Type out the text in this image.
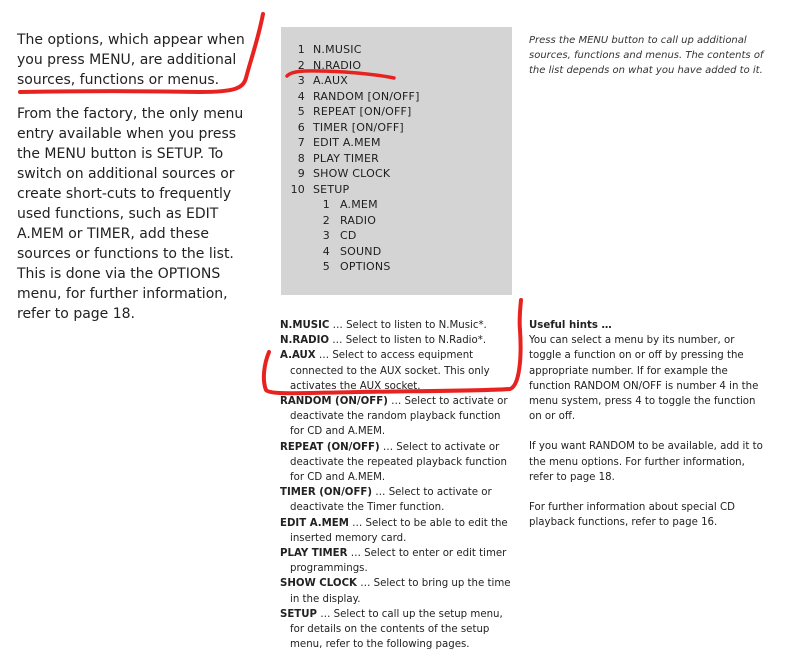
The options, which appear when you press MENU, are additional sources, functions or menus.

From the factory, the only menu entry available when you press the MENU button is SETUP. To switch on additional sources or create short-cuts to frequently used functions, such as EDIT A.MEM or TIMER, add these sources or functions to the list. This is done via the OPTIONS menu, for further information, refer to page 18.

1 N.MUSIC
2 N.RADIO
3 A.AUX
4 RANDOM [ON/OFF]
5 REPEAT [ON/OFF]
6 TIMER [ON/OFF]
7 EDIT A.MEM
8 PLAY TIMER
9 SHOW CLOCK
10 SETUP
1 A.MEM
2 RADIO
3 CD
4 SOUND
5 OPTIONS
Press the MENU button to call up additional sources, functions and menus. The contents of the list depends on what you have added to it.

N.MUSIC … Select to listen to N.Music*.

N.RADIO … Select to listen to N.Radio*.

A.AUX … Select to access equipment connected to the AUX socket. This only activates the AUX socket.

RANDOM (ON/OFF) … Select to activate or deactivate the random playback function for CD and A.MEM.

REPEAT (ON/OFF) … Select to activate or deactivate the repeated playback function for CD and A.MEM.

TIMER (ON/OFF) … Select to activate or deactivate the Timer function.

EDIT A.MEM … Select to be able to edit the inserted memory card.

PLAY TIMER … Select to enter or edit timer programmings.

SHOW CLOCK … Select to bring up the time in the display.

SETUP … Select to call up the setup menu, for details on the contents of the setup menu, refer to the following pages.

Useful hints …

You can select a menu by its number, or toggle a function on or off by pressing the appropriate number. If for example the function RANDOM ON/OFF is number 4 in the menu system, press 4 to toggle the function on or off.

If you want RANDOM to be available, add it to the menu options. For further information, refer to page 18.

For further information about special CD playback functions, refer to page 16.
